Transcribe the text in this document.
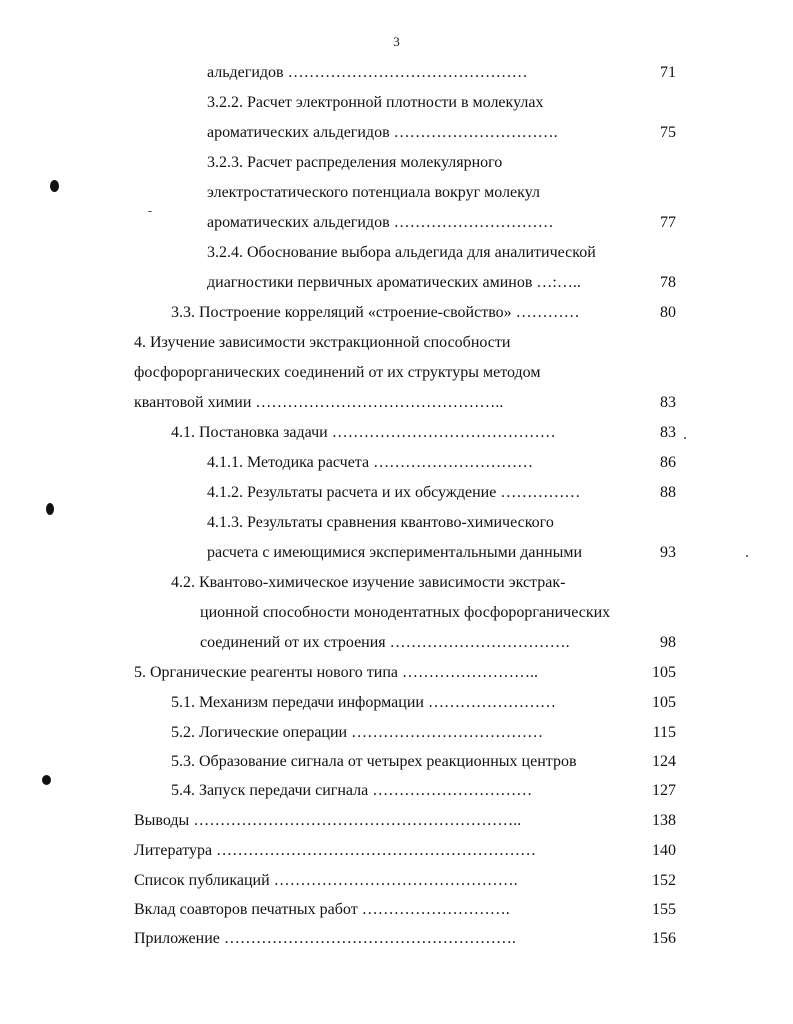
3
альдегидов ………………………………………	71
3.2.2. Расчет электронной плотности в молекулах
ароматических альдегидов ………………………….	75
3.2.3. Расчет распределения молекулярного
электростатического потенциала вокруг молекул
ароматических альдегидов …………………………	77
3.2.4. Обоснование выбора альдегида для аналитической
диагностики первичных ароматических аминов …:…..	78
3.3. Построение корреляций «строение-свойство» …………	80
4. Изучение зависимости экстракционной способности
фосфорорганических соединений от их структуры методом
квантовой химии ………………………………………..	83
4.1. Постановка задачи ……………………………………	83
4.1.1. Методика расчета …………………………	86
4.1.2. Результаты расчета и их обсуждение ……………	88
4.1.3. Результаты сравнения квантово-химического
расчета с имеющимися экспериментальными данными	93
4.2. Квантово-химическое изучение зависимости экстрак-
ционной способности монодентатных фосфорорганических
соединений от их строения …………………………….	98
5. Органические реагенты нового типа ……………………..	105
5.1. Механизм передачи информации ……………………	105
5.2. Логические операции ………………………………	115
5.3. Образование сигнала от четырех реакционных центров	124
5.4. Запуск передачи сигнала …………………………	127
Выводы ……………………………………………………..	138
Литература ……………………………………………………	140
Список публикаций ……………………………………….	152
Вклад соавторов печатных работ ……………………….	155
Приложение ……………………………………………….	156
